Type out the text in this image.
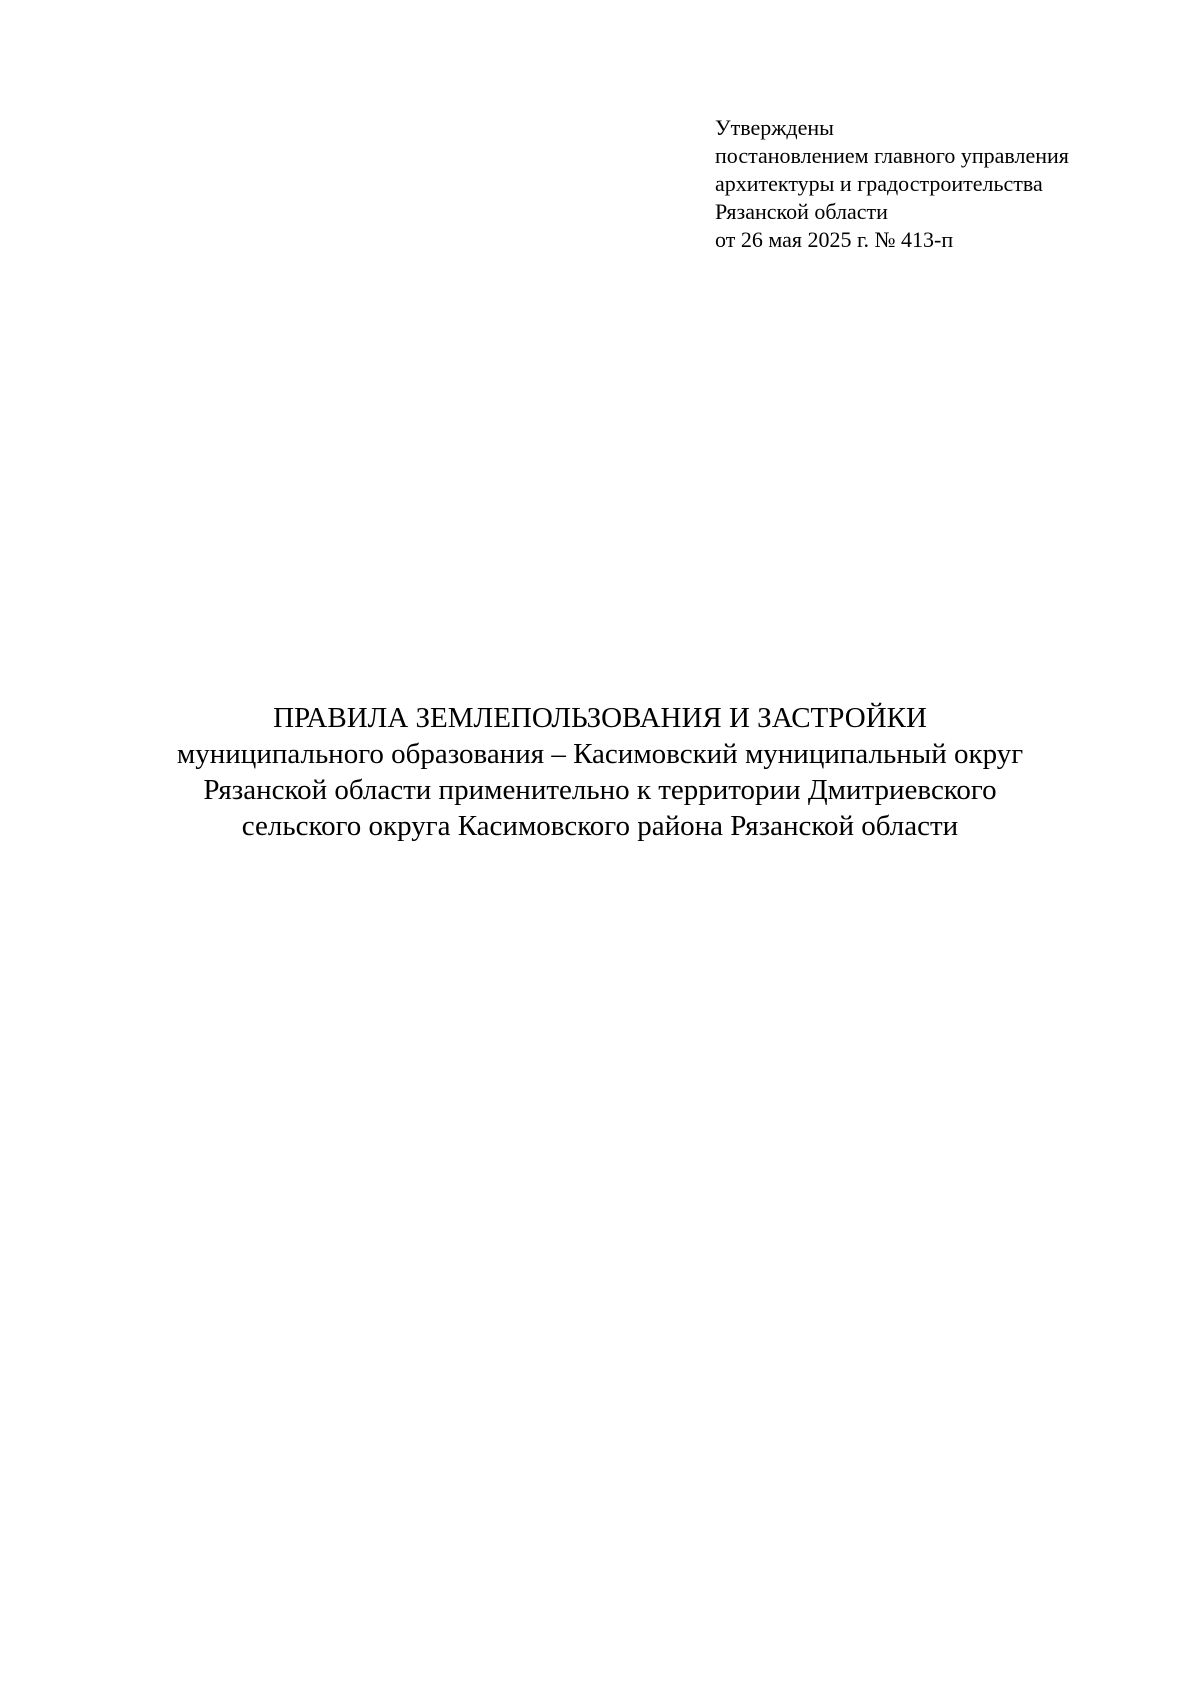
Утверждены
постановлением главного управления
архитектуры и градостроительства
Рязанской области
от 26 мая 2025 г. № 413-п
ПРАВИЛА ЗЕМЛЕПОЛЬЗОВАНИЯ И ЗАСТРОЙКИ
муниципального образования – Касимовский муниципальный округ
Рязанской области применительно к территории Дмитриевского
сельского округа Касимовского района Рязанской области
